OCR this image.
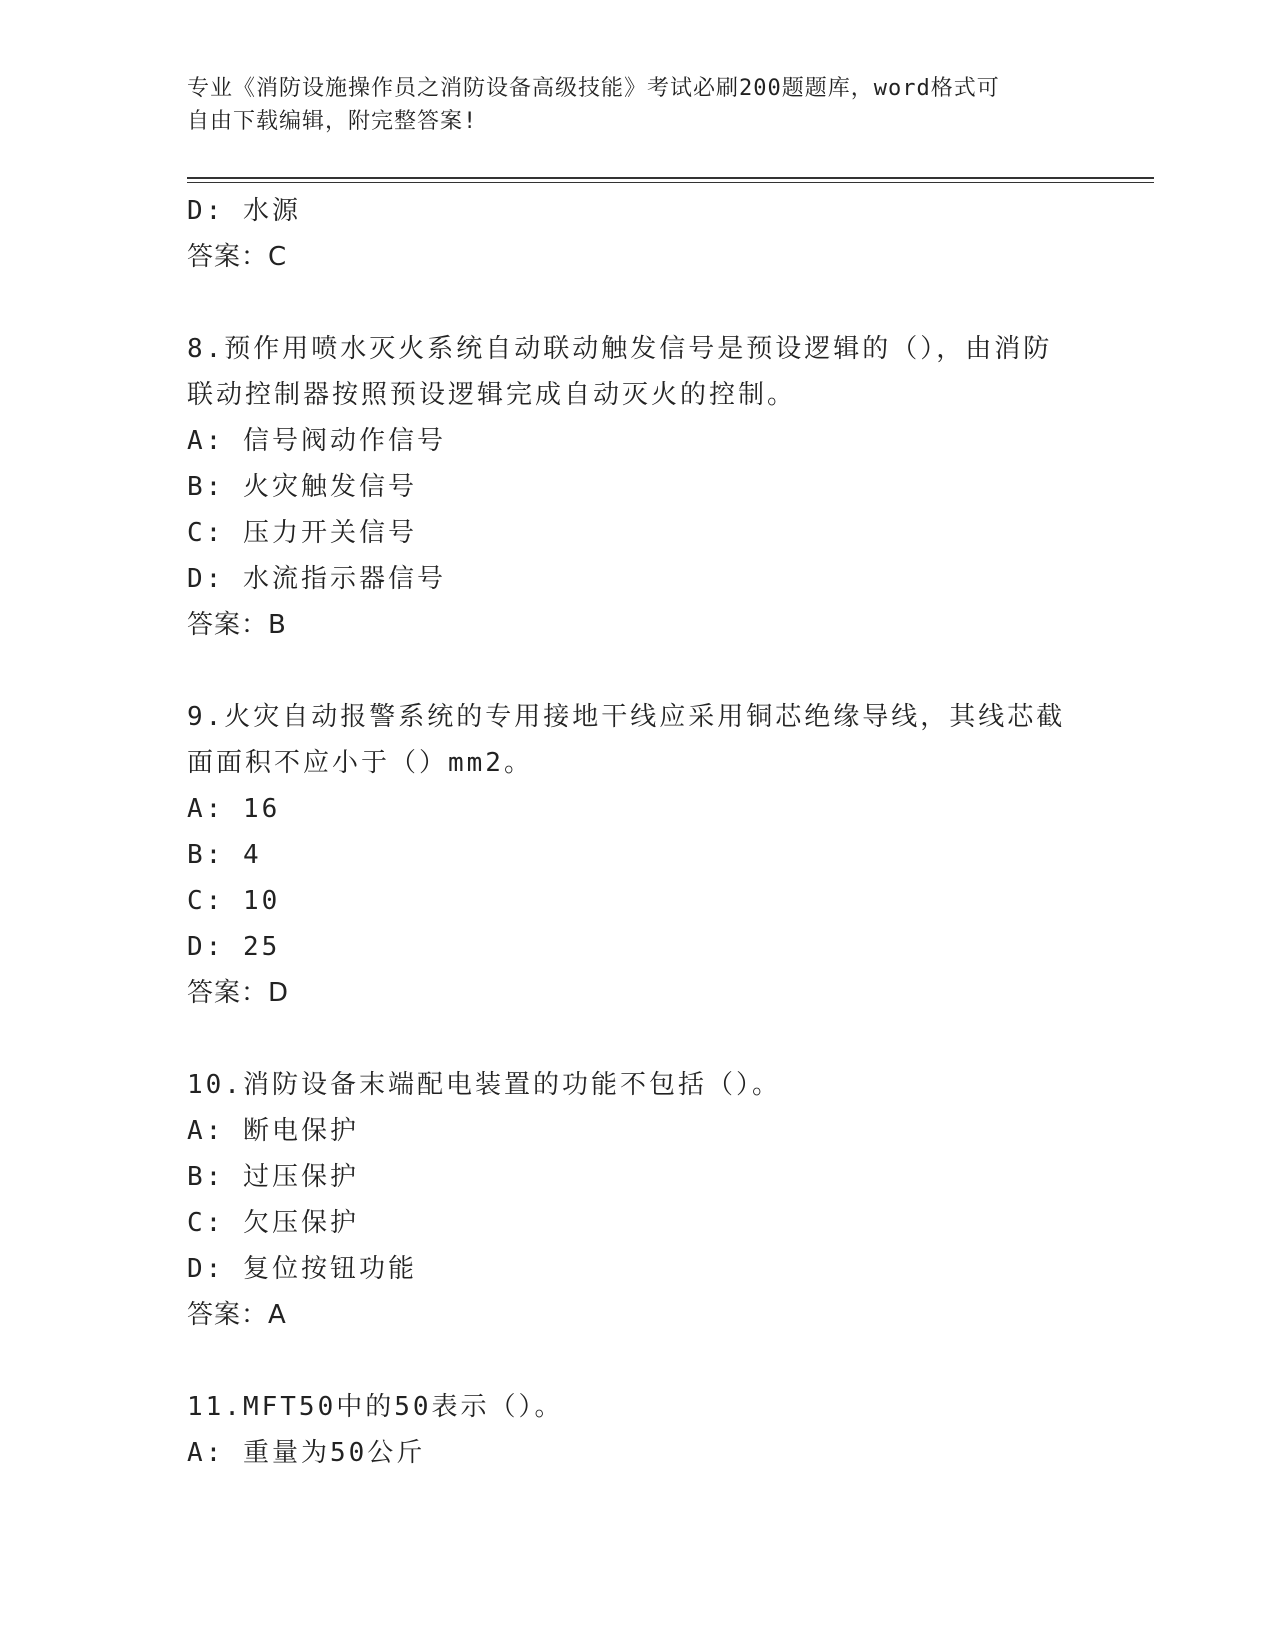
专业《消防设施操作员之消防设备高级技能》考试必刷200题题库，word格式可
自由下载编辑，附完整答案!
D: 水源
答案：C
8.预作用喷水灭火系统自动联动触发信号是预设逻辑的（），由消防
联动控制器按照预设逻辑完成自动灭火的控制。
A: 信号阀动作信号
B: 火灾触发信号
C: 压力开关信号
D: 水流指示器信号
答案：B
9.火灾自动报警系统的专用接地干线应采用铜芯绝缘导线，其线芯截
面面积不应小于（）mm2。
A: 16
B: 4
C: 10
D: 25
答案：D
10.消防设备末端配电装置的功能不包括（）。
A: 断电保护
B: 过压保护
C: 欠压保护
D: 复位按钮功能
答案：A
11.MFT50中的50表示（）。
A: 重量为50公斤
